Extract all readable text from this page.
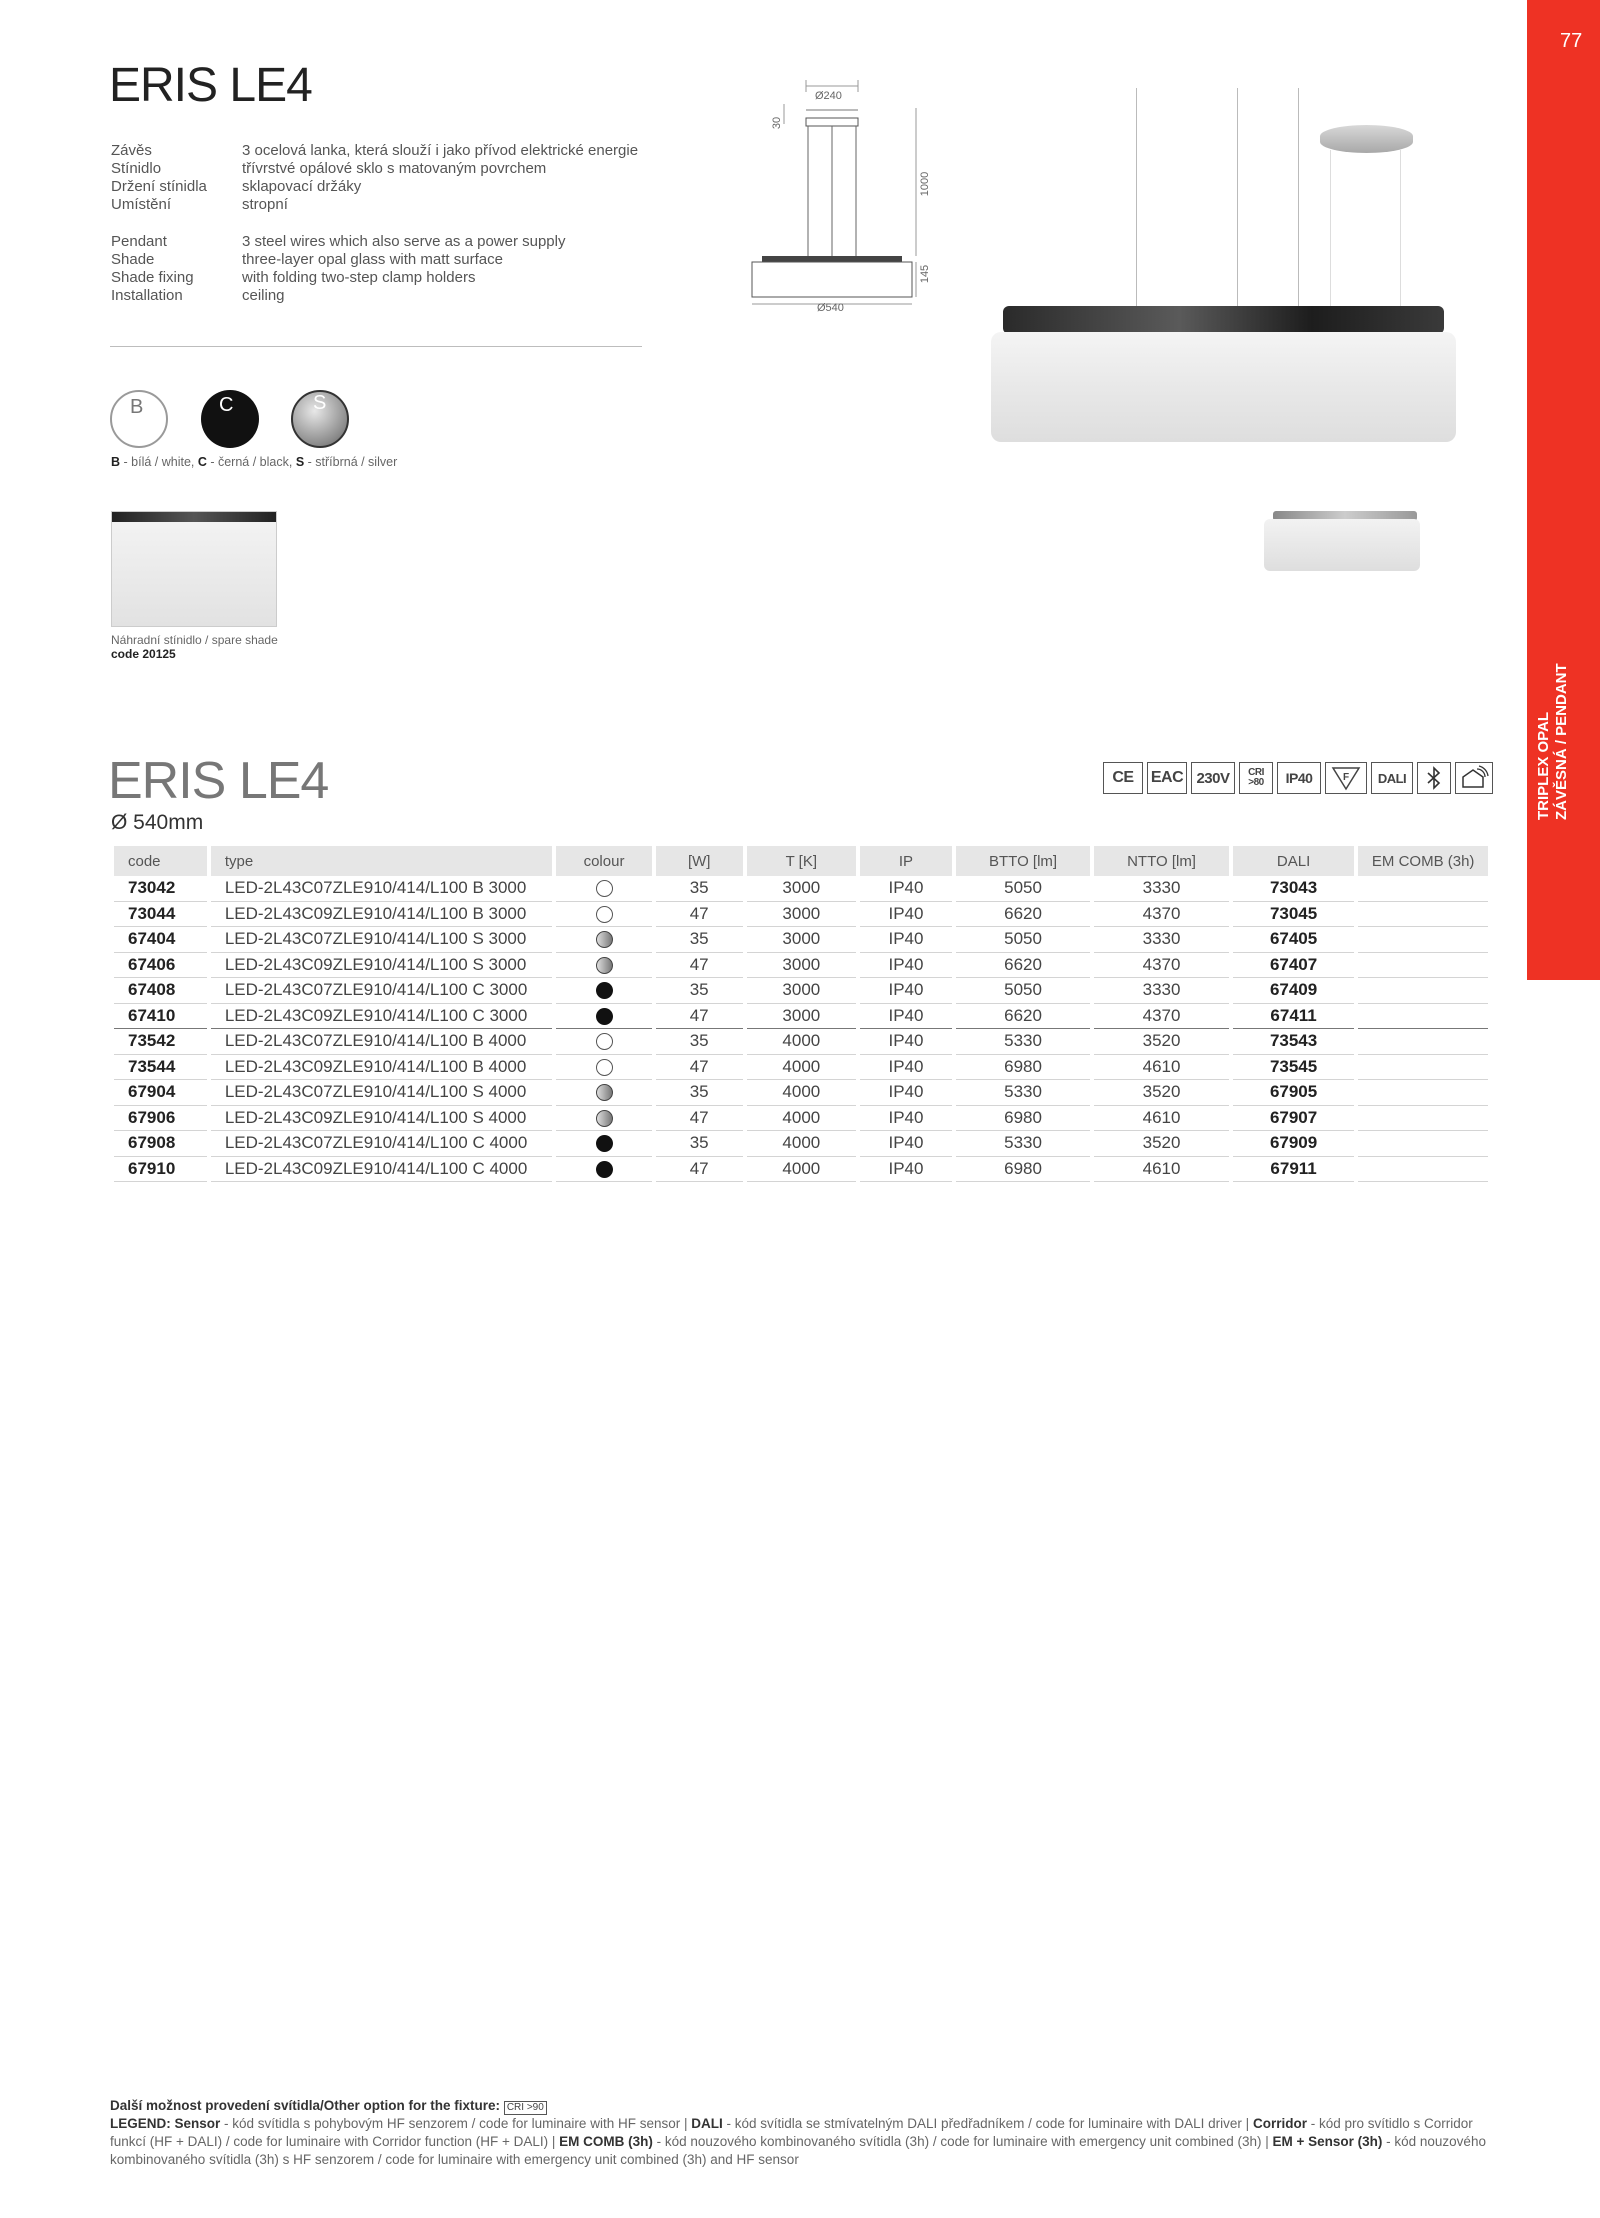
77
TRIPLEX OPAL ZÁVĚSNÁ / PENDANT
ERIS LE4
Závěs	3 ocelová lanka, která slouží i jako přívod elektrické energie
Stínidlo	třívrstvé opálové sklo s matovaným povrchem
Držení stínidla	sklapovací držáky
Umístění	stropní
Pendant	3 steel wires which also serve as a power supply
Shade	three-layer opal glass with matt surface
Shade fixing	with folding two-step clamp holders
Installation	ceiling
B	C	S
B - bílá / white, C - černá / black, S - stříbrná / silver
Náhradní stínidlo / spare shade
code 20125
Ø240
Ø540
30
1000
145
ERIS LE4
Ø 540mm
CE	EAC 230V	CRI >80	IP40	F	DALI
code	type	colour	[W]	T [K]	IP	BTTO [lm]	NTTO [lm]	DALI	EM COMB (3h)
73042	LED-2L43C07ZLE910/414/L100 B 3000		35	3000	IP40	5050	3330	73043	
73044	LED-2L43C09ZLE910/414/L100 B 3000		47	3000	IP40	6620	4370	73045	
67404	LED-2L43C07ZLE910/414/L100 S 3000		35	3000	IP40	5050	3330	67405	
67406	LED-2L43C09ZLE910/414/L100 S 3000		47	3000	IP40	6620	4370	67407	
67408	LED-2L43C07ZLE910/414/L100 C 3000		35	3000	IP40	5050	3330	67409	
67410	LED-2L43C09ZLE910/414/L100 C 3000		47	3000	IP40	6620	4370	67411	
73542	LED-2L43C07ZLE910/414/L100 B 4000		35	4000	IP40	5330	3520	73543	
73544	LED-2L43C09ZLE910/414/L100 B 4000		47	4000	IP40	6980	4610	73545	
67904	LED-2L43C07ZLE910/414/L100 S 4000		35	4000	IP40	5330	3520	67905	
67906	LED-2L43C09ZLE910/414/L100 S 4000		47	4000	IP40	6980	4610	67907	
67908	LED-2L43C07ZLE910/414/L100 C 4000		35	4000	IP40	5330	3520	67909	
67910	LED-2L43C09ZLE910/414/L100 C 4000		47	4000	IP40	6980	4610	67911	
Další možnost provedení svítidla/Other option for the fixture: CRI >90
LEGEND: Sensor - kód svítidla s pohybovým HF senzorem / code for luminaire with HF sensor | DALI - kód svítidla se stmívatelným DALI předřadníkem / code for luminaire with DALI driver | Corridor - kód pro svítidlo s Corridor funkcí (HF + DALI) / code for luminaire with Corridor function (HF + DALI) | EM COMB (3h) - kód nouzového kombinovaného svítidla (3h) / code for luminaire with emergency unit combined (3h) | EM + Sensor (3h) - kód nouzového kombinovaného svítidla (3h) s HF senzorem / code for luminaire with emergency unit combined (3h) and HF sensor
